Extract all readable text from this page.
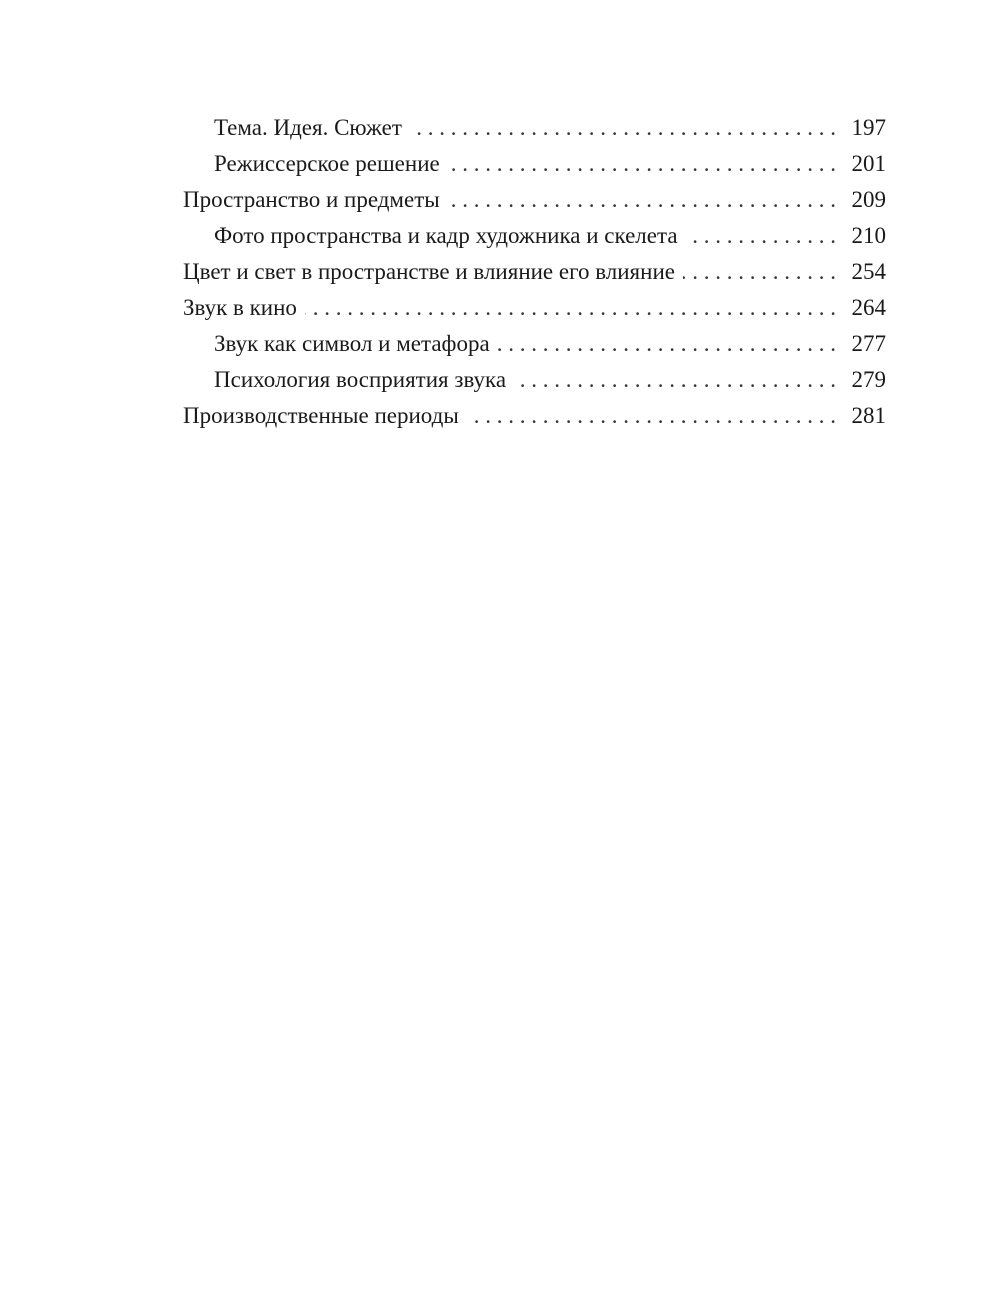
Тема. Идея. Сюжет . . .	197
Режиссерское решение . . .	201
Пространство и предметы . . .	209
Фото пространства и кадр художника и скелета . . .	210
Цвет и свет в пространстве и влияние его влияние . . .	254
Звук в кино . . .	264
Звук как символ и метафора . . .	277
Психология восприятия звука . . .	279
Производственные периоды . . .	281
